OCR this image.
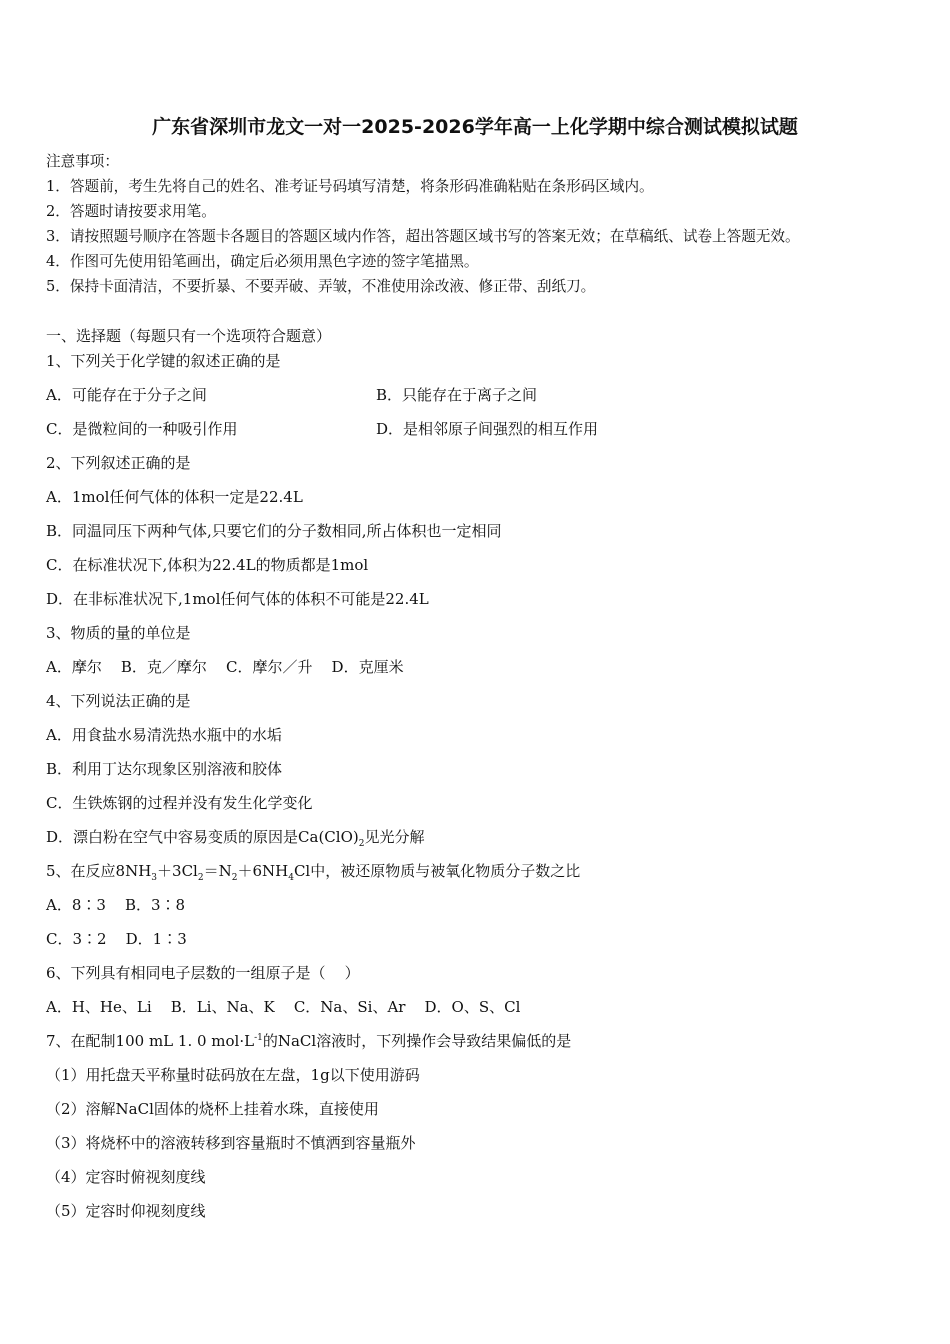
广东省深圳市龙文一对一2025-2026学年高一上化学期中综合测试模拟试题
注意事项：
1．答题前，考生先将自己的姓名、准考证号码填写清楚，将条形码准确粘贴在条形码区域内。
2．答题时请按要求用笔。
3．请按照题号顺序在答题卡各题目的答题区域内作答，超出答题区域书写的答案无效；在草稿纸、试卷上答题无效。
4．作图可先使用铅笔画出，确定后必须用黑色字迹的签字笔描黑。
5．保持卡面清洁，不要折暴、不要弄破、弄皱，不准使用涂改液、修正带、刮纸刀。
一、选择题（每题只有一个选项符合题意）
1、下列关于化学键的叙述正确的是
A．可能存在于分子之间	B．只能存在于离子之间
C．是微粒间的一种吸引作用	D．是相邻原子间强烈的相互作用
2、下列叙述正确的是
A．1mol任何气体的体积一定是22.4L
B．同温同压下两种气体,只要它们的分子数相同,所占体积也一定相同
C．在标准状况下,体积为22.4L的物质都是1mol
D．在非标准状况下,1mol任何气体的体积不可能是22.4L
3、物质的量的单位是
A．摩尔    B．克／摩尔    C．摩尔／升    D．克厘米
4、下列说法正确的是
A．用食盐水易清洗热水瓶中的水垢
B．利用丁达尔现象区别溶液和胶体
C．生铁炼钢的过程并没有发生化学变化
D．漂白粉在空气中容易变质的原因是$Ca(ClO)_2$见光分解
5、在反应$8NH_3+3Cl_2=N_2+6NH_4Cl$中，被还原物质与被氧化物质分子数之比
A．8∶3    B．3∶8
C．3∶2    D．1∶3
6、下列具有相同电子层数的一组原子是（    ）
A．H、He、Li    B．Li、Na、K    C．Na、Si、Ar    D．O、S、Cl
7、在配制100 mL 1. 0 $mol\cdot L^{-1}$的NaCl溶液时，下列操作会导致结果偏低的是
（1）用托盘天平称量时砝码放在左盘，1g以下使用游码
（2）溶解NaCl固体的烧杯上挂着水珠，直接使用
（3）将烧杯中的溶液转移到容量瓶时不慎洒到容量瓶外
（4）定容时俯视刻度线
（5）定容时仰视刻度线
